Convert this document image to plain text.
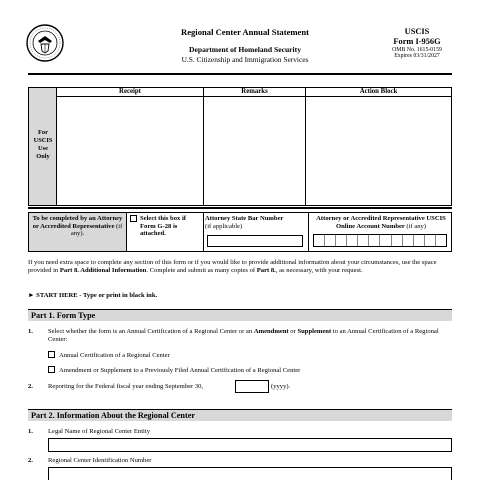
Regional Center Annual Statement
Department of Homeland Security
U.S. Citizenship and Immigration Services
USCIS
Form I-956G
OMB No. 1615-0159
Expires 03/31/2027
For
USCIS
Use
Only
Receipt	Remarks	Action Block
To be completed by an Attorney or Accredited Representative (if any).
Select this box if Form G-28 is attached.
Attorney State Bar Number
(if applicable)
Attorney or Accredited Representative USCIS Online Account Number (if any)
If you need extra space to complete any section of this form or if you would like to provide additional information about your circumstances, use the space provided in Part 8. Additional Information. Complete and submit as many copies of Part 8., as necessary, with your request.
► START HERE - Type or print in black ink.
Part 1. Form Type
1. Select whether the form is an Annual Certification of a Regional Center or an Amendment or Supplement to an Annual Certification of a Regional Center:
Annual Certification of a Regional Center
Amendment or Supplement to a Previously Filed Annual Certification of a Regional Center
2. Reporting for the Federal fiscal year ending September 30,	(yyyy).
Part 2. Information About the Regional Center
1. Legal Name of Regional Center Entity
2. Regional Center Identification Number
